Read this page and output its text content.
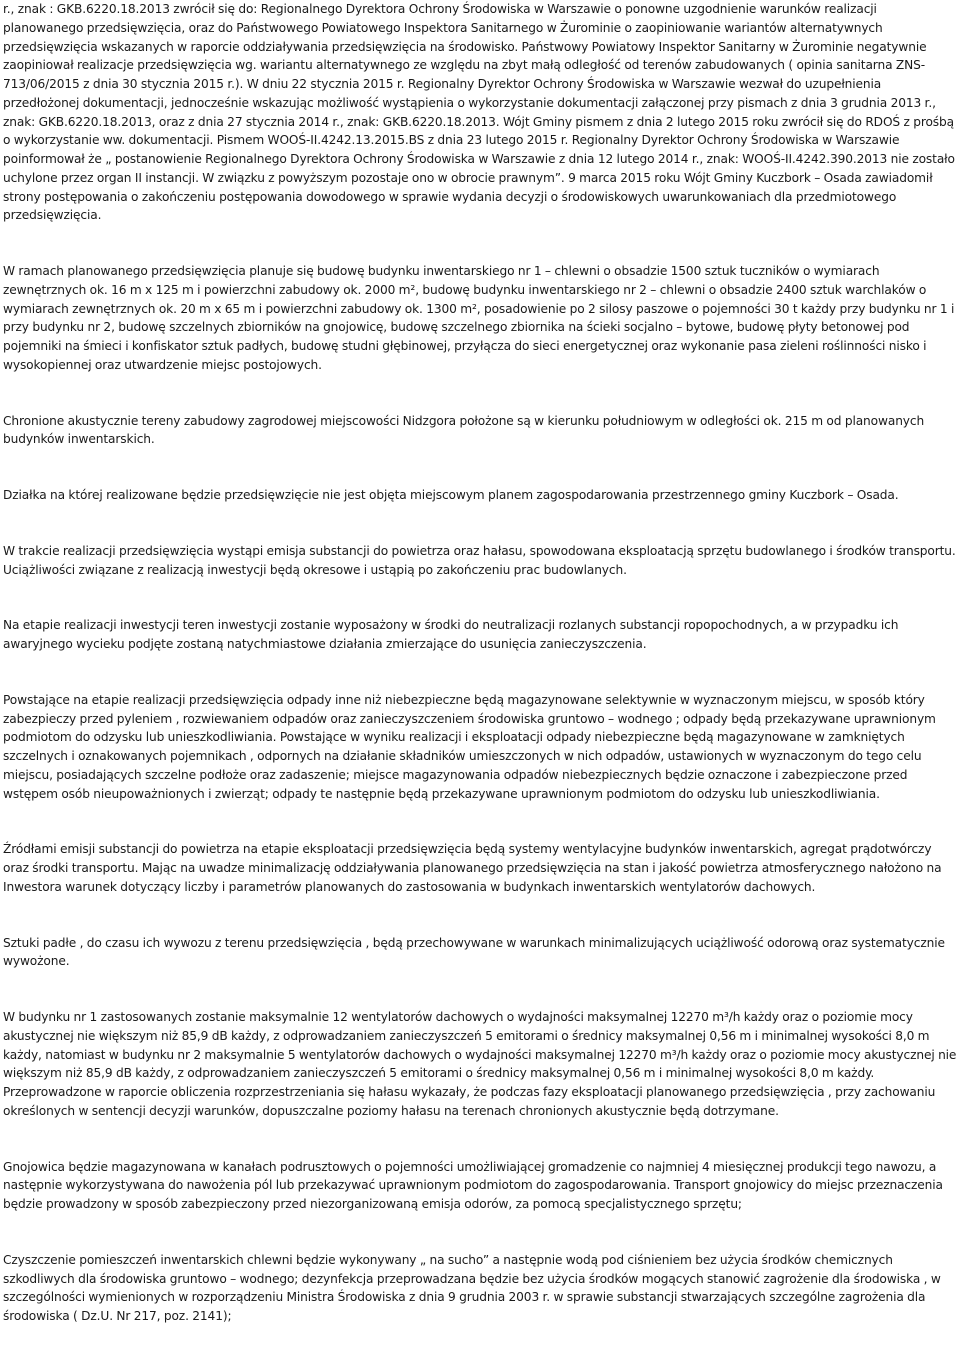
r., znak : GKB.6220.18.2013 zwrócił się do: Regionalnego Dyrektora Ochrony Środowiska w Warszawie o ponowne uzgodnienie warunków realizacji planowanego przedsięwzięcia, oraz do Państwowego Powiatowego Inspektora Sanitarnego w Żurominie o zaopiniowanie wariantów alternatywnych przedsięwzięcia wskazanych w raporcie oddziaływania przedsięwzięcia na środowisko. Państwowy Powiatowy Inspektor Sanitarny w Żurominie negatywnie zaopiniował realizacje przedsięwzięcia wg. wariantu alternatywnego ze względu na zbyt małą odległość od terenów zabudowanych ( opinia sanitarna ZNS-713/06/2015 z dnia 30 stycznia 2015 r.). W dniu 22 stycznia 2015 r. Regionalny Dyrektor Ochrony Środowiska w Warszawie wezwał do uzupełnienia przedłożonej dokumentacji, jednocześnie wskazując możliwość wystąpienia o wykorzystanie dokumentacji załączonej przy pismach z dnia 3 grudnia 2013 r., znak: GKB.6220.18.2013, oraz z dnia 27 stycznia 2014 r., znak: GKB.6220.18.2013. Wójt Gminy pismem z dnia 2 lutego 2015 roku zwrócił się do RDOŚ z prośbą o wykorzystanie ww. dokumentacji. Pismem WOOŚ-II.4242.13.2015.BS z dnia 23 lutego 2015 r. Regionalny Dyrektor Ochrony Środowiska w Warszawie poinformował że „ postanowienie Regionalnego Dyrektora Ochrony Środowiska w Warszawie z dnia 12 lutego 2014 r., znak: WOOŚ-II.4242.390.2013 nie zostało uchylone przez organ II instancji. W związku z powyższym pozostaje ono w obrocie prawnym”. 9 marca 2015 roku Wójt Gminy Kuczbork – Osada zawiadomił strony postępowania o zakończeniu postępowania dowodowego w sprawie wydania decyzji o środowiskowych uwarunkowaniach dla przedmiotowego przedsięwzięcia.

W ramach planowanego przedsięwzięcia planuje się budowę budynku inwentarskiego nr 1 – chlewni o obsadzie 1500 sztuk tuczników o wymiarach zewnętrznych ok. 16 m x 125 m i powierzchni zabudowy ok. 2000 m², budowę budynku inwentarskiego nr 2 – chlewni o obsadzie 2400 sztuk warchlaków o wymiarach zewnętrznych ok. 20 m x 65 m i powierzchni zabudowy ok. 1300 m², posadowienie po 2 silosy paszowe o pojemności 30 t każdy przy budynku nr 1 i przy budynku nr 2, budowę szczelnych zbiorników na gnojowicę, budowę szczelnego zbiornika na ścieki socjalno – bytowe, budowę płyty betonowej pod pojemniki na śmieci i konfiskator sztuk padłych, budowę studni głębinowej, przyłącza do sieci energetycznej oraz wykonanie pasa zieleni roślinności nisko i wysokopiennej oraz utwardzenie miejsc postojowych.

Chronione akustycznie tereny zabudowy zagrodowej miejscowości Nidzgora położone są w kierunku południowym w odległości ok. 215 m od planowanych budynków inwentarskich.

Działka na której realizowane będzie przedsięwzięcie nie jest objęta miejscowym planem zagospodarowania przestrzennego gminy Kuczbork – Osada.

W trakcie realizacji przedsięwzięcia wystąpi emisja substancji do powietrza oraz hałasu, spowodowana eksploatacją sprzętu budowlanego i środków transportu. Uciążliwości związane z realizacją inwestycji będą okresowe i ustąpią po zakończeniu prac budowlanych.

Na etapie realizacji inwestycji teren inwestycji zostanie wyposażony w środki do neutralizacji rozlanych substancji ropopochodnych, a w przypadku ich awaryjnego wycieku podjęte zostaną natychmiastowe działania zmierzające do usunięcia zanieczyszczenia.

Powstające na etapie realizacji przedsięwzięcia odpady inne niż niebezpieczne będą magazynowane selektywnie w wyznaczonym miejscu, w sposób który zabezpieczy przed pyleniem , rozwiewaniem odpadów oraz zanieczyszczeniem środowiska gruntowo – wodnego ; odpady będą przekazywane uprawnionym podmiotom do odzysku lub unieszkodliwiania. Powstające w wyniku realizacji i eksploatacji odpady niebezpieczne będą magazynowane w zamkniętych szczelnych i oznakowanych pojemnikach , odpornych na działanie składników umieszczonych w nich odpadów, ustawionych w wyznaczonym do tego celu miejscu, posiadających szczelne podłoże oraz zadaszenie; miejsce magazynowania odpadów niebezpiecznych będzie oznaczone i zabezpieczone przed wstępem osób nieupoważnionych i zwierząt; odpady te następnie będą przekazywane uprawnionym podmiotom do odzysku lub unieszkodliwiania.

Źródłami emisji substancji do powietrza na etapie eksploatacji przedsięwzięcia będą systemy wentylacyjne budynków inwentarskich, agregat prądotwórczy oraz środki transportu. Mając na uwadze minimalizację oddziaływania planowanego przedsięwzięcia na stan i jakość powietrza atmosferycznego nałożono na Inwestora warunek dotyczący liczby i parametrów planowanych do zastosowania w budynkach inwentarskich wentylatorów dachowych.

Sztuki padłe , do czasu ich wywozu z terenu przedsięwzięcia , będą przechowywane w warunkach minimalizujących uciążliwość odorową oraz systematycznie wywożone.

W budynku nr 1 zastosowanych zostanie maksymalnie 12 wentylatorów dachowych o wydajności maksymalnej 12270 m³/h każdy oraz o poziomie mocy akustycznej nie większym niż 85,9 dB każdy, z odprowadzaniem zanieczyszczeń 5 emitorami o średnicy maksymalnej 0,56 m i minimalnej wysokości 8,0 m każdy, natomiast w budynku nr 2 maksymalnie 5 wentylatorów dachowych o wydajności maksymalnej 12270 m³/h każdy oraz o poziomie mocy akustycznej nie większym niż 85,9 dB każdy, z odprowadzaniem zanieczyszczeń 5 emitorami o średnicy maksymalnej 0,56 m i minimalnej wysokości 8,0 m każdy. Przeprowadzone w raporcie obliczenia rozprzestrzeniania się hałasu wykazały, że podczas fazy eksploatacji planowanego przedsięwzięcia , przy zachowaniu określonych w sentencji decyzji warunków, dopuszczalne poziomy hałasu na terenach chronionych akustycznie będą dotrzymane.

Gnojowica będzie magazynowana w kanałach podrusztowych o pojemności umożliwiającej gromadzenie co najmniej 4 miesięcznej produkcji tego nawozu, a następnie wykorzystywana do nawożenia pól lub przekazywać uprawnionym podmiotom do zagospodarowania. Transport gnojowicy do miejsc przeznaczenia będzie prowadzony w sposób zabezpieczony przed niezorganizowaną emisja odorów, za pomocą specjalistycznego sprzętu;

Czyszczenie pomieszczeń inwentarskich chlewni będzie wykonywany „ na sucho” a następnie wodą pod ciśnieniem bez użycia środków chemicznych szkodliwych dla środowiska gruntowo – wodnego; dezynfekcja przeprowadzana będzie bez użycia środków mogących stanowić zagrożenie dla środowiska , w szczególności wymienionych w rozporządzeniu Ministra Środowiska z dnia 9 grudnia 2003 r. w sprawie substancji stwarzających szczególne zagrożenia dla środowiska ( Dz.U. Nr 217, poz. 2141);
